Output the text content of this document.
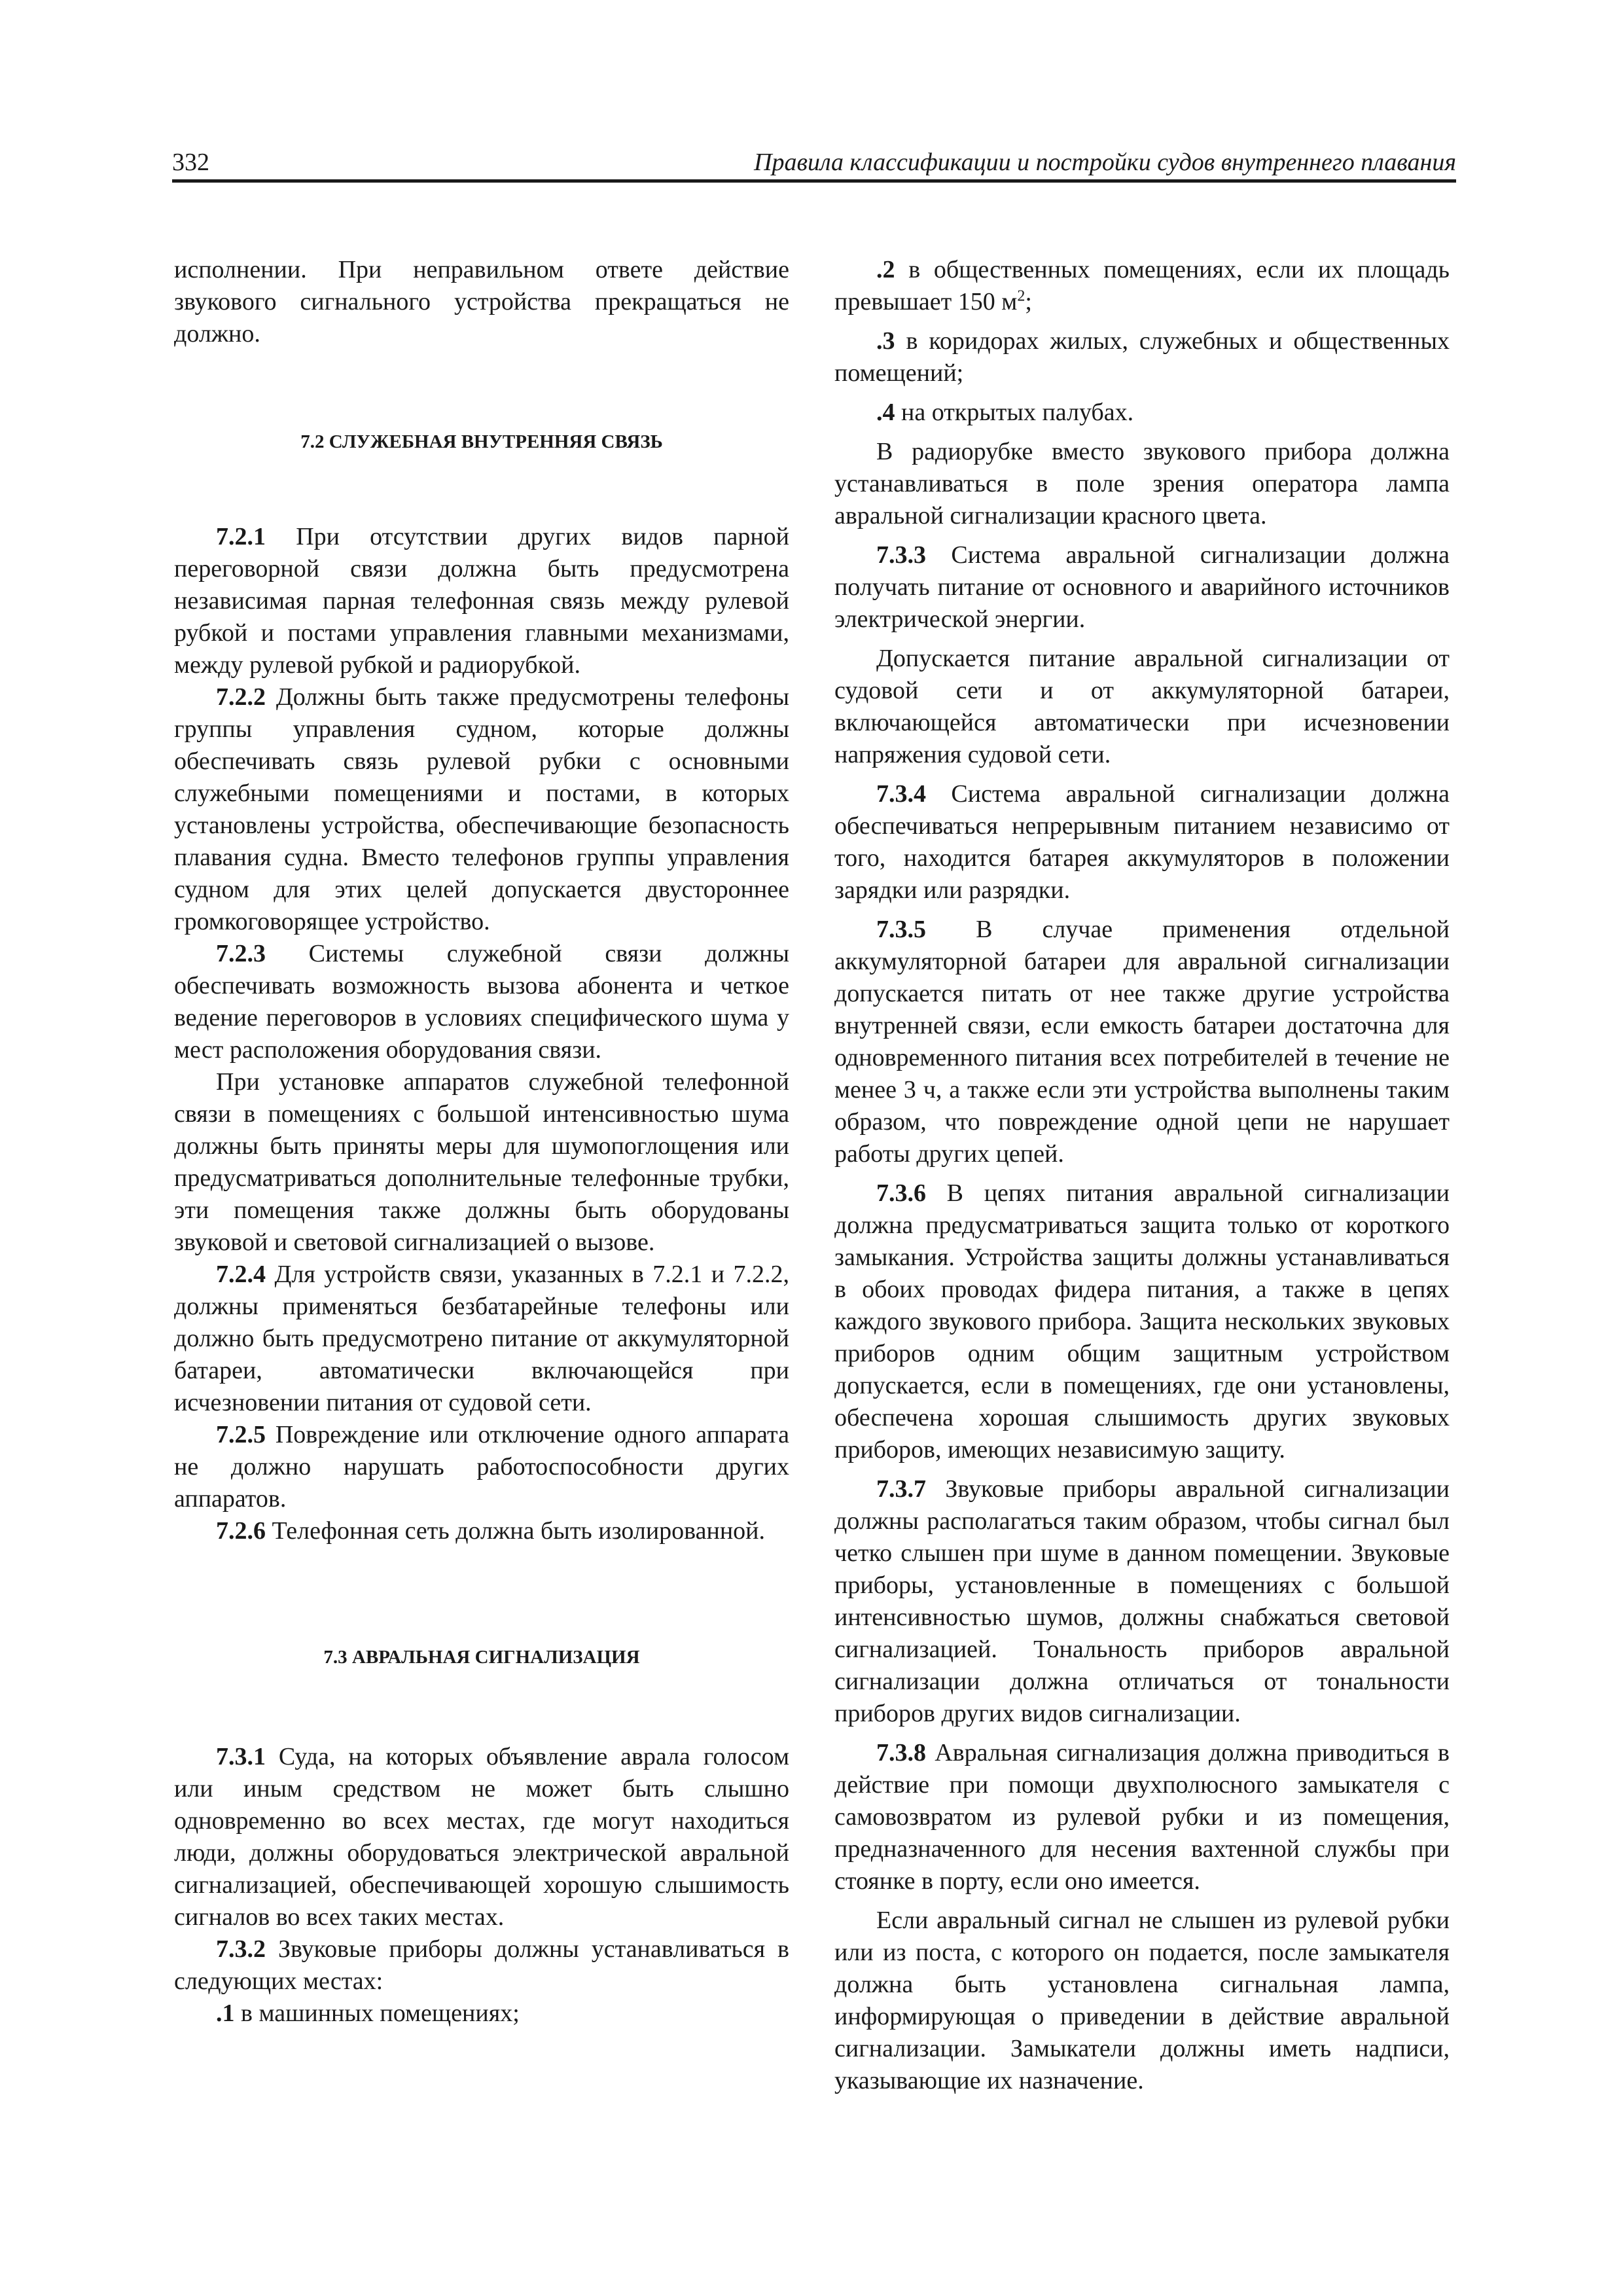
332	Правила классификации и постройки судов внутреннего плавания

исполнении. При неправильном ответе действие звукового сигнального устройства прекращаться не должно.

7.2 СЛУЖЕБНАЯ ВНУТРЕННЯЯ СВЯЗЬ

7.2.1 При отсутствии других видов парной переговорной связи должна быть предусмотрена независимая парная телефонная связь между рулевой рубкой и постами управления главными механизмами, между рулевой рубкой и радиорубкой.

7.2.2 Должны быть также предусмотрены телефоны группы управления судном, которые должны обеспечивать связь рулевой рубки с основными служебными помещениями и постами, в которых установлены устройства, обеспечивающие безопасность плавания судна. Вместо телефонов группы управления судном для этих целей допускается двустороннее громкоговорящее устройство.

7.2.3 Системы служебной связи должны обеспечивать возможность вызова абонента и четкое ведение переговоров в условиях специфического шума у мест расположения оборудования связи.

При установке аппаратов служебной телефонной связи в помещениях с большой интенсивностью шума должны быть приняты меры для шумопоглощения или предусматриваться дополнительные телефонные трубки, эти помещения также должны быть оборудованы звуковой и световой сигнализацией о вызове.

7.2.4 Для устройств связи, указанных в 7.2.1 и 7.2.2, должны применяться безбатарейные телефоны или должно быть предусмотрено питание от аккумуляторной батареи, автоматически включающейся при исчезновении питания от судовой сети.

7.2.5 Повреждение или отключение одного аппарата не должно нарушать работоспособности других аппаратов.

7.2.6 Телефонная сеть должна быть изолированной.

7.3 АВРАЛЬНАЯ СИГНАЛИЗАЦИЯ

7.3.1 Суда, на которых объявление аврала голосом или иным средством не может быть слышно одновременно во всех местах, где могут находиться люди, должны оборудоваться электрической авральной сигнализацией, обеспечивающей хорошую слышимость сигналов во всех таких местах.

7.3.2 Звуковые приборы должны устанавливаться в следующих местах:

.1 в машинных помещениях;

.2 в общественных помещениях, если их площадь превышает 150 $м^2$;

.3 в коридорах жилых, служебных и общественных помещений;

.4 на открытых палубах.

В радиорубке вместо звукового прибора должна устанавливаться в поле зрения оператора лампа авральной сигнализации красного цвета.

7.3.3 Система авральной сигнализации должна получать питание от основного и аварийного источников электрической энергии.

Допускается питание авральной сигнализации от судовой сети и от аккумуляторной батареи, включающейся автоматически при исчезновении напряжения судовой сети.

7.3.4 Система авральной сигнализации должна обеспечиваться непрерывным питанием независимо от того, находится батарея аккумуляторов в положении зарядки или разрядки.

7.3.5 В случае применения отдельной аккумуляторной батареи для авральной сигнализации допускается питать от нее также другие устройства внутренней связи, если емкость батареи достаточна для одновременного питания всех потребителей в течение не менее 3 ч, а также если эти устройства выполнены таким образом, что повреждение одной цепи не нарушает работы других цепей.

7.3.6 В цепях питания авральной сигнализации должна предусматриваться защита только от короткого замыкания. Устройства защиты должны устанавливаться в обоих проводах фидера питания, а также в цепях каждого звукового прибора. Защита нескольких звуковых приборов одним общим защитным устройством допускается, если в помещениях, где они установлены, обеспечена хорошая слышимость других звуковых приборов, имеющих независимую защиту.

7.3.7 Звуковые приборы авральной сигнализации должны располагаться таким образом, чтобы сигнал был четко слышен при шуме в данном помещении. Звуковые приборы, установленные в помещениях с большой интенсивностью шумов, должны снабжаться световой сигнализацией. Тональность приборов авральной сигнализации должна отличаться от тональности приборов других видов сигнализации.

7.3.8 Авральная сигнализация должна приводиться в действие при помощи двухполюсного замыкателя с самовозвратом из рулевой рубки и из помещения, предназначенного для несения вахтенной службы при стоянке в порту, если оно имеется.

Если авральный сигнал не слышен из рулевой рубки или из поста, с которого он подается, после замыкателя должна быть установлена сигнальная лампа, информирующая о приведении в действие авральной сигнализации. Замыкатели должны иметь надписи, указывающие их назначение.
